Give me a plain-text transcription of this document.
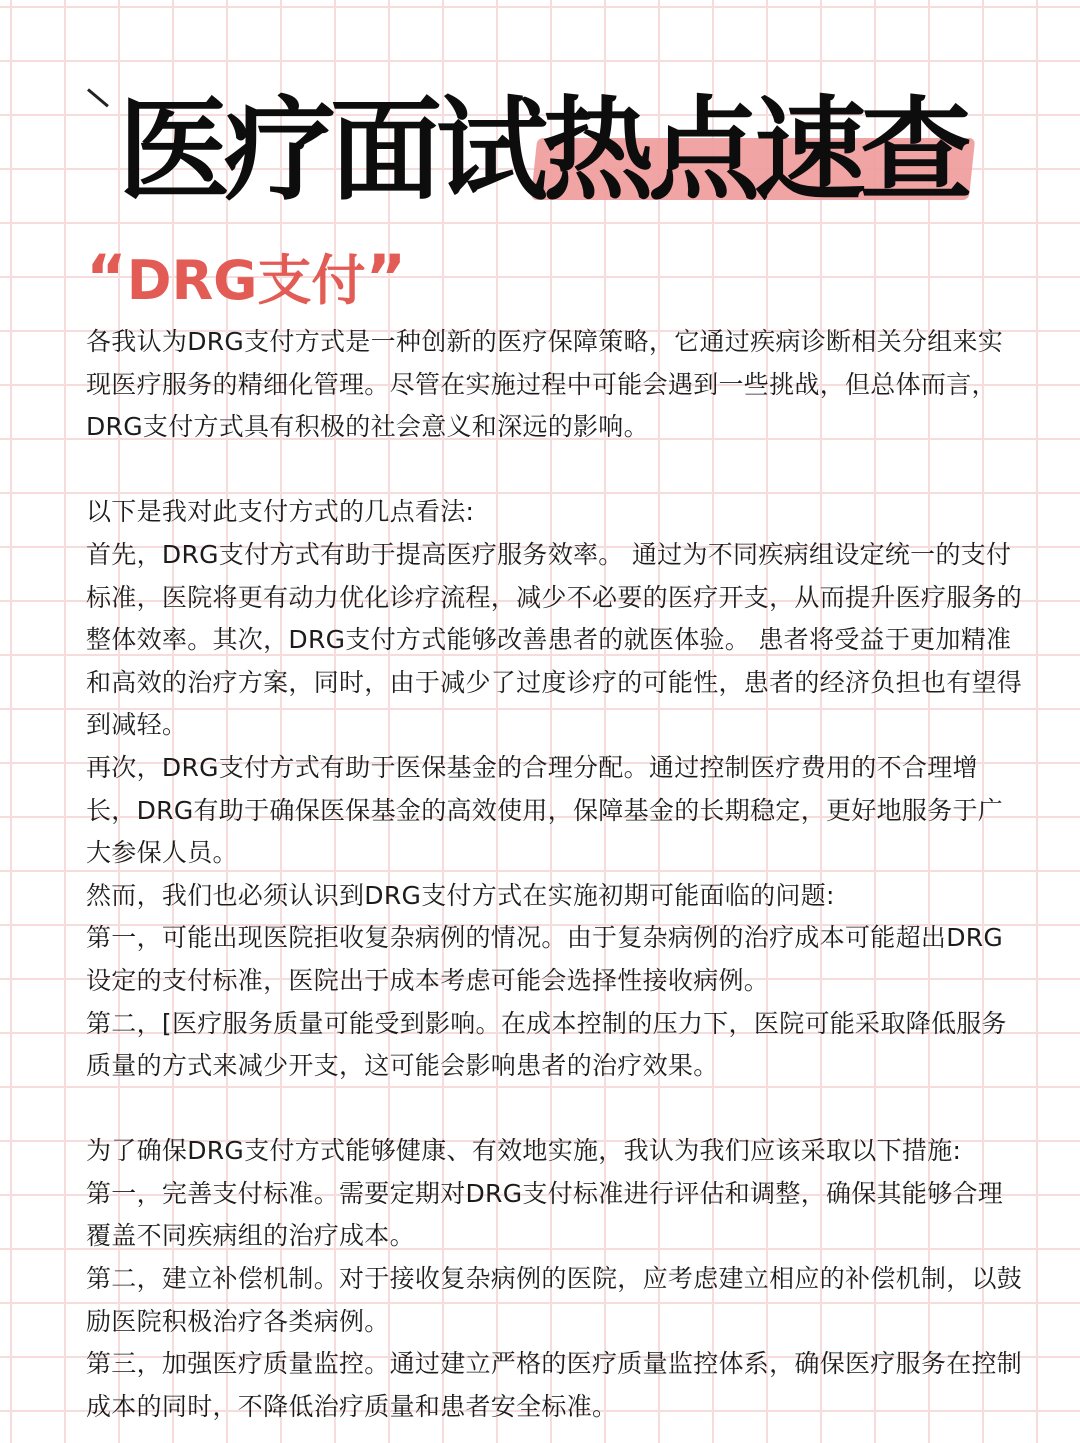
医疗面试热点速查
“DRG支付”

各我认为DRG支付方式是一种创新的医疗保障策略，它通过疾病诊断相关分组来实现医疗服务的精细化管理。尽管在实施过程中可能会遇到一些挑战，但总体而言，DRG支付方式具有积极的社会意义和深远的影响。

以下是我对此支付方式的几点看法:

首先，DRG支付方式有助于提高医疗服务效率。 通过为不同疾病组设定统一的支付标准，医院将更有动力优化诊疗流程，减少不必要的医疗开支，从而提升医疗服务的整体效率。其次，DRG支付方式能够改善患者的就医体验。 患者将受益于更加精准和高效的治疗方案，同时，由于减少了过度诊疗的可能性，患者的经济负担也有望得到减轻。

再次，DRG支付方式有助于医保基金的合理分配。通过控制医疗费用的不合理增长，DRG有助于确保医保基金的高效使用，保障基金的长期稳定，更好地服务于广大参保人员。

然而，我们也必须认识到DRG支付方式在实施初期可能面临的问题:

第一，可能出现医院拒收复杂病例的情况。由于复杂病例的治疗成本可能超出DRG设定的支付标准，医院出于成本考虑可能会选择性接收病例。

第二，[医疗服务质量可能受到影响。在成本控制的压力下，医院可能采取降低服务质量的方式来减少开支，这可能会影响患者的治疗效果。

为了确保DRG支付方式能够健康、有效地实施，我认为我们应该采取以下措施:

第一，完善支付标准。需要定期对DRG支付标准进行评估和调整，确保其能够合理覆盖不同疾病组的治疗成本。

第二，建立补偿机制。对于接收复杂病例的医院，应考虑建立相应的补偿机制，以鼓励医院积极治疗各类病例。

第三，加强医疗质量监控。通过建立严格的医疗质量监控体系，确保医疗服务在控制成本的同时，不降低治疗质量和患者安全标准。
